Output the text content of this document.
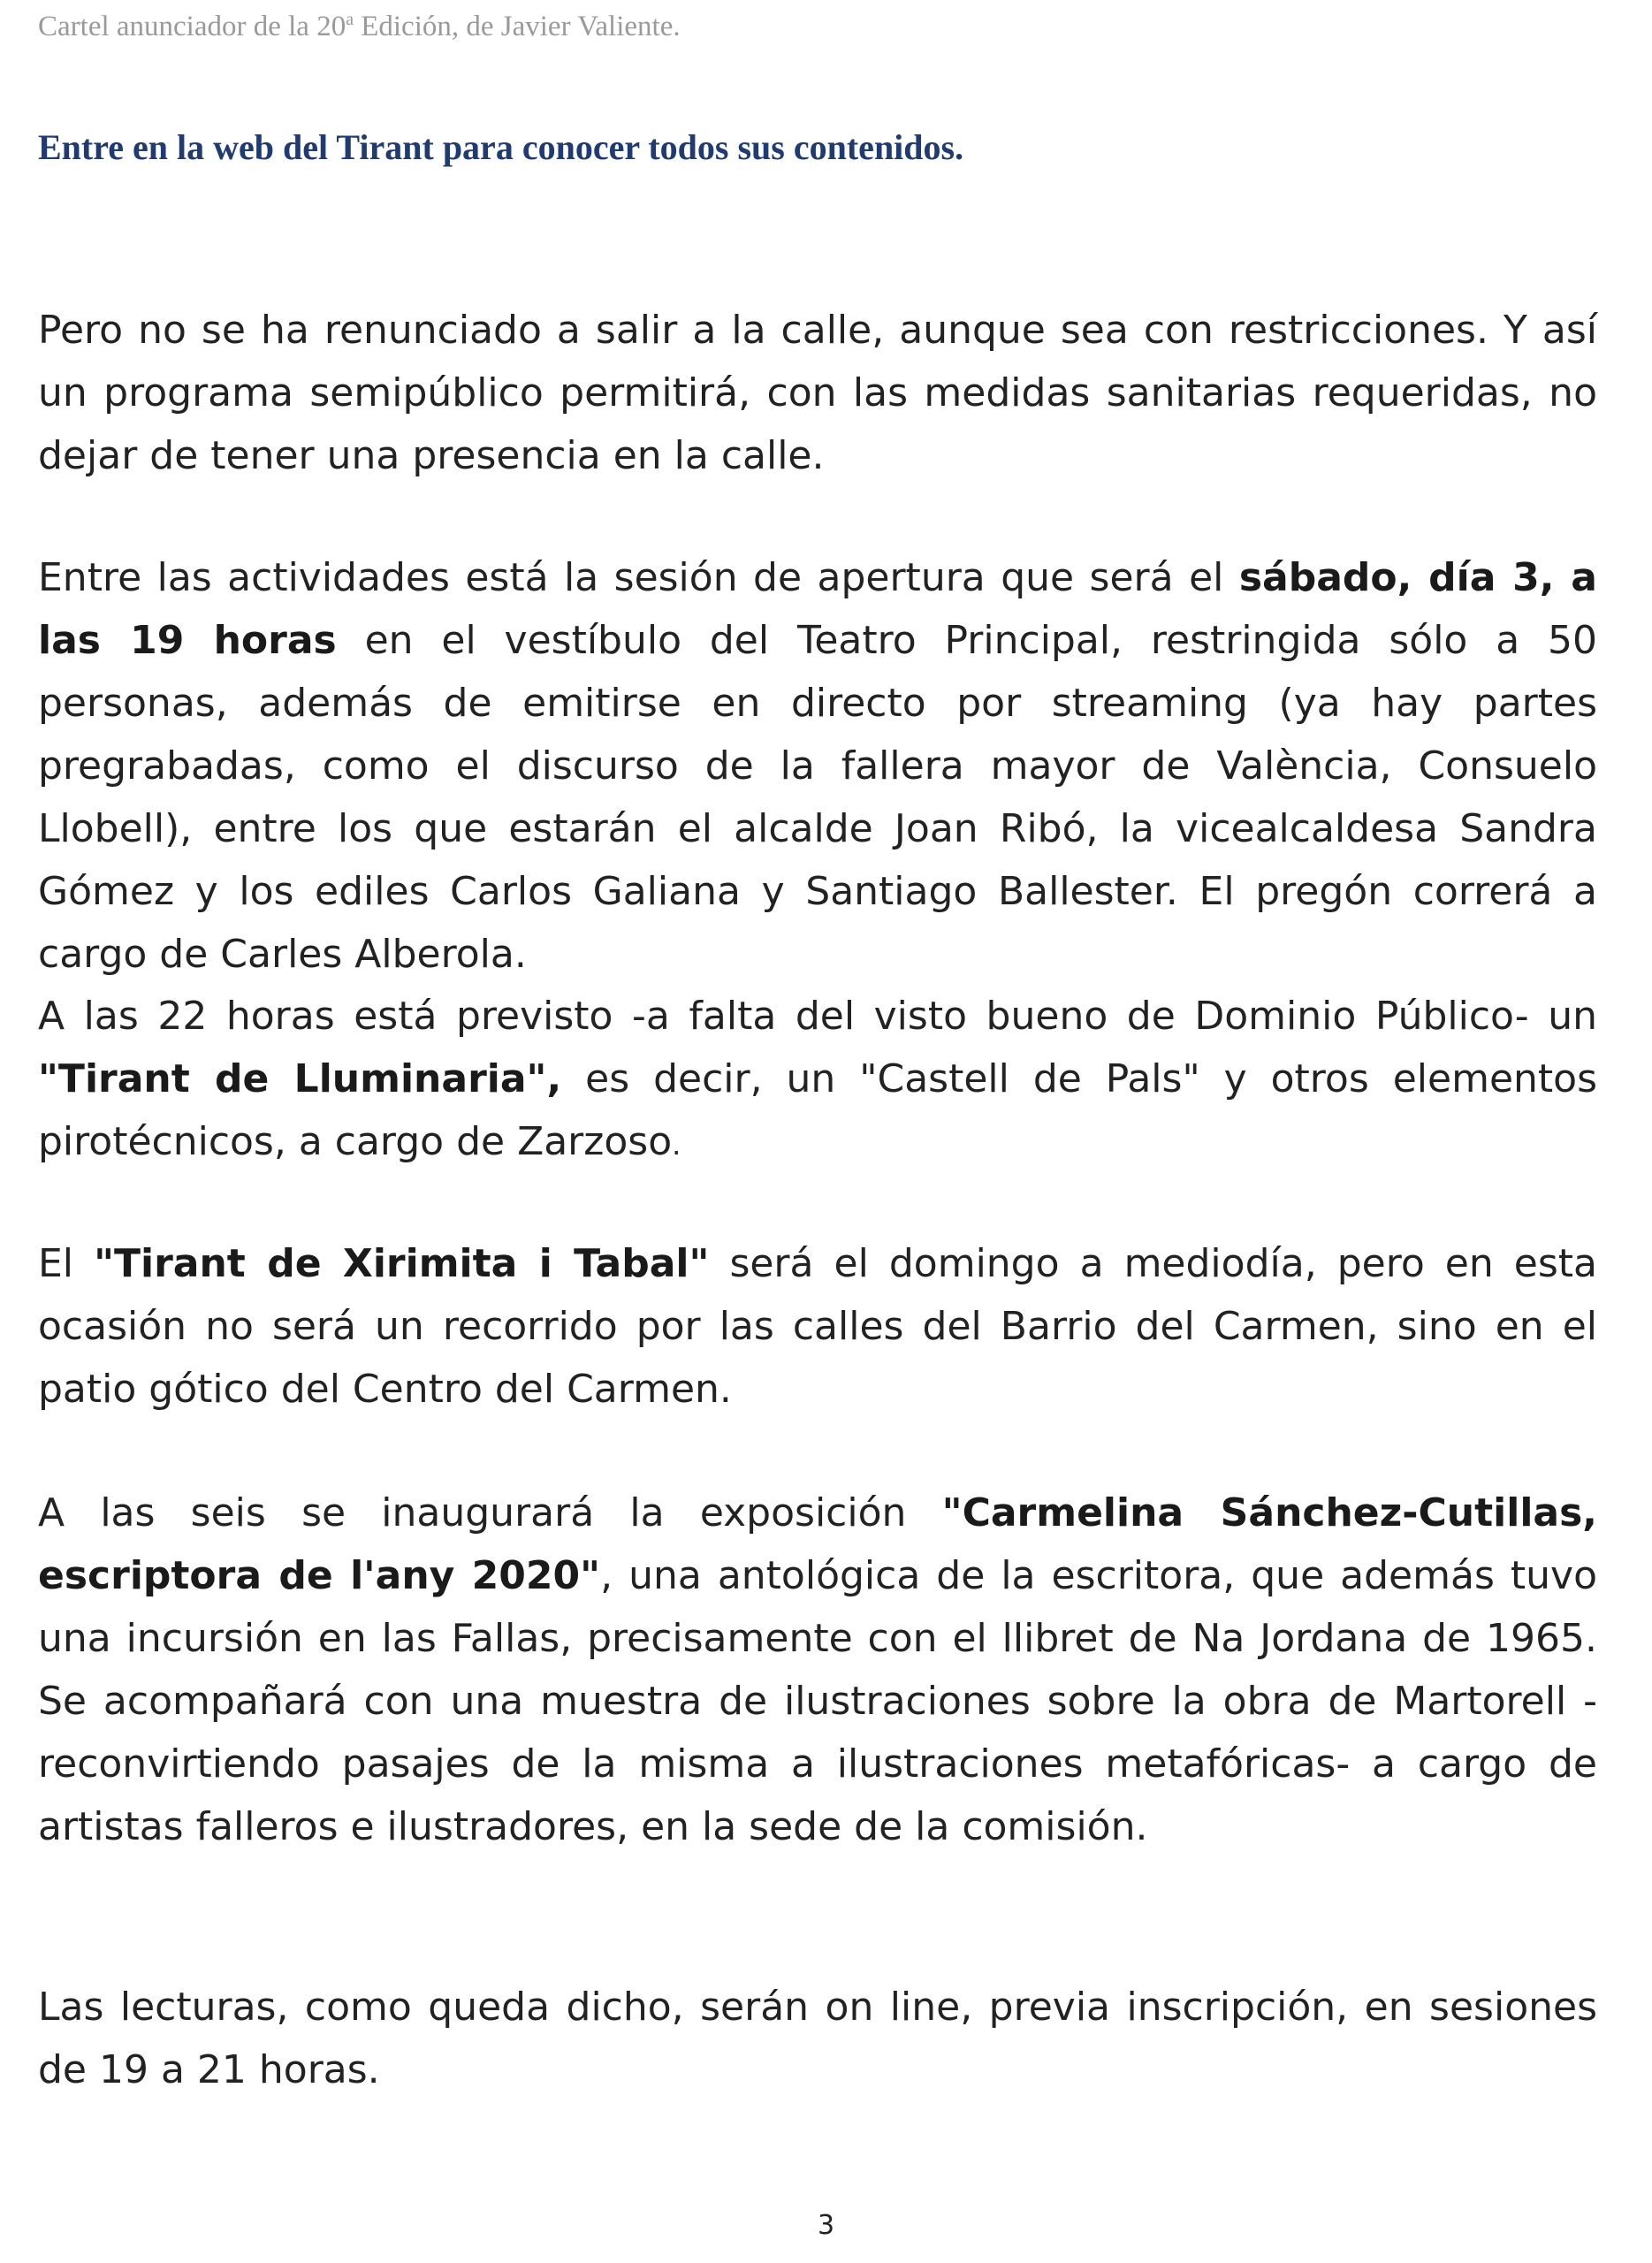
Cartel anunciador de la 20$^a$ Edición, de Javier Valiente.
Entre en la web del Tirant para conocer todos sus contenidos.

Pero no se ha renunciado a salir a la calle, aunque sea con restricciones. Y así un programa semipúblico permitirá, con las medidas sanitarias requeridas, no dejar de tener una presencia en la calle.

Entre las actividades está la sesión de apertura que será el sábado, día 3, a las 19 horas en el vestíbulo del Teatro Principal, restringida sólo a 50 personas, además de emitirse en directo por streaming (ya hay partes pregrabadas, como el discurso de la fallera mayor de València, Consuelo Llobell), entre los que estarán el alcalde Joan Ribó, la vicealcaldesa Sandra Gómez y los ediles Carlos Galiana y Santiago Ballester. El pregón correrá a cargo de Carles Alberola.

A las 22 horas está previsto -a falta del visto bueno de Dominio Público- un "Tirant de Lluminaria", es decir, un "Castell de Pals" y otros elementos pirotécnicos, a cargo de Zarzoso.

El "Tirant de Xirimita i Tabal" será el domingo a mediodía, pero en esta ocasión no será un recorrido por las calles del Barrio del Carmen, sino en el patio gótico del Centro del Carmen.

A las seis se inaugurará la exposición "Carmelina Sánchez-Cutillas, escriptora de l'any 2020", una antológica de la escritora, que además tuvo una incursión en las Fallas, precisamente con el llibret de Na Jordana de 1965. Se acompañará con una muestra de ilustraciones sobre la obra de Martorell -reconvirtiendo pasajes de la misma a ilustraciones metafóricas- a cargo de artistas falleros e ilustradores, en la sede de la comisión.

Las lecturas, como queda dicho, serán on line, previa inscripción, en sesiones de 19 a 21 horas.

3
